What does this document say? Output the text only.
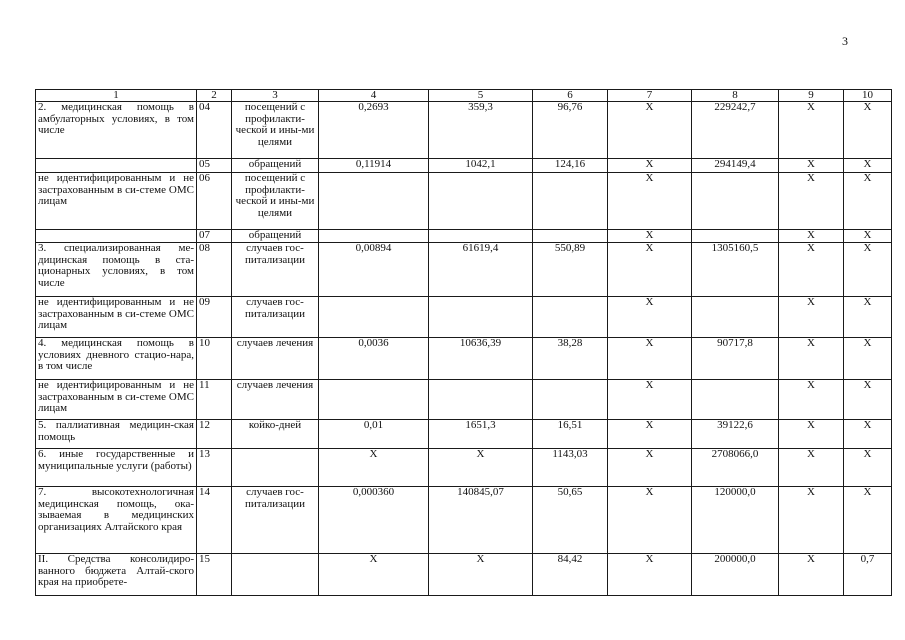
3
1	2	3	4	5	6	7	8	9	10
2. медицинская помощь в амбулаторных условиях, в том числе	04	посещений с профилакти-ческой и ины-ми целями	0,2693	359,3	96,76	X	229242,7	X	X
	05	обращений	0,11914	1042,1	124,16	X	294149,4	X	X
не идентифицированным и не застрахованным в си-стеме ОМС лицам	06	посещений с профилакти-ческой и ины-ми целями				X		X	X
	07	обращений				X		X	X
3. специализированная ме-дицинская помощь в ста-ционарных условиях, в том числе	08	случаев гос-питализации	0,00894	61619,4	550,89	X	1305160,5	X	X
не идентифицированным и не застрахованным в си-стеме ОМС лицам	09	случаев гос-питализации				X		X	X
4. медицинская помощь в условиях дневного стацио-нара, в том числе	10	случаев лечения	0,0036	10636,39	38,28	X	90717,8	X	X
не идентифицированным и не застрахованным в си-стеме ОМС лицам	11	случаев лечения				X		X	X
5. паллиативная медицин-ская помощь	12	койко-дней	0,01	1651,3	16,51	X	39122,6	X	X
6. иные государственные и муниципальные услуги (работы)	13		X	X	1143,03	X	2708066,0	X	X
7. высокотехнологичная медицинская помощь, ока-зываемая в медицинских организациях Алтайского края	14	случаев гос-питализации	0,000360	140845,07	50,65	X	120000,0	X	X
II. Средства консолидиро-ванного бюджета Алтай-ского края на приобрете-	15		X	X	84,42	X	200000,0	X	0,7
